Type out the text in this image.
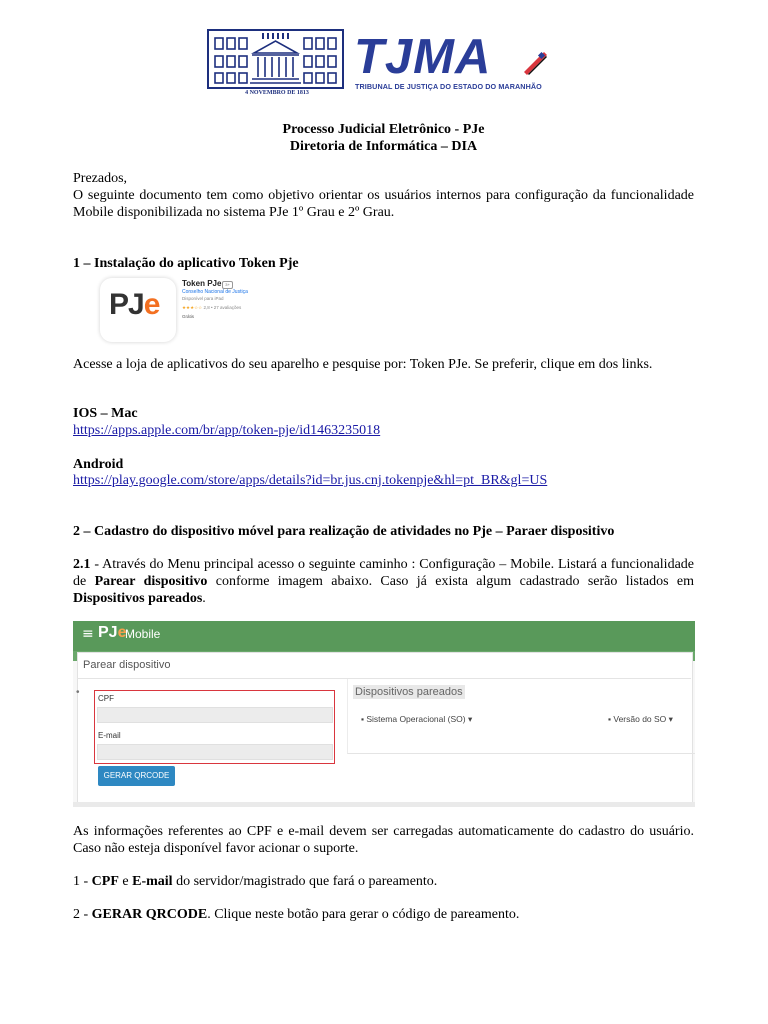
4 NOVEMBRO DE 1813
TJMA
TRIBUNAL DE JUSTIÇA DO ESTADO DO MARANHÃO
Processo Judicial Eletrônico - PJe
Diretoria de Informática – DIA
Prezados,
O seguinte documento tem como objetivo orientar os usuários internos para configuração da funcionalidade Mobile disponibilizada no sistema PJe 1º Grau e 2º Grau.
1 – Instalação do aplicativo Token Pje
PJe
Token PJe 3+
Conselho Nacional de Justiça
Disponível para iPad
★★★☆☆ 2,8 • 27 avaliações
Grátis
Acesse a loja de aplicativos do seu aparelho e pesquise por: Token PJe. Se preferir, clique em dos links.
IOS – Mac
https://apps.apple.com/br/app/token-pje/id1463235018
Android
https://play.google.com/store/apps/details?id=br.jus.cnj.tokenpje&hl=pt_BR&gl=US
2 – Cadastro do dispositivo móvel para realização de atividades no Pje – Paraer dispositivo
2.1 - Através do Menu principal acesso o seguinte caminho : Configuração – Mobile. Listará a funcionalidade de Parear dispositivo conforme imagem abaixo. Caso já exista algum cadastrado serão listados em Dispositivos pareados.
≡ PJe
Mobile
Parear dispositivo
•
CPF
E-mail
GERAR QRCODE
Dispositivos pareados
▪ Sistema Operacional (SO) ▾	▪ Versão do SO ▾
As informações referentes ao CPF e e-mail devem ser carregadas automaticamente do cadastro do usuário. Caso não esteja disponível favor acionar o suporte.
1 - CPF e E-mail do servidor/magistrado que fará o pareamento.
2 - GERAR QRCODE. Clique neste botão para gerar o código de pareamento.
